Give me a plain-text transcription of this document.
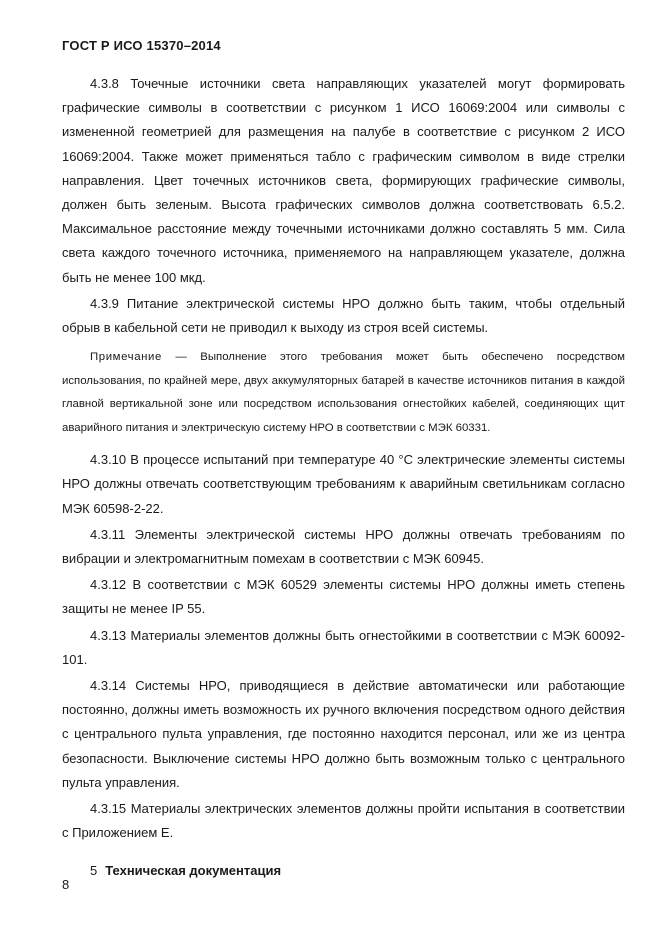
ГОСТ Р ИСО 15370–2014

4.3.8 Точечные источники света направляющих указателей могут формировать графические символы в соответствии с рисунком 1 ИСО 16069:2004 или символы с измененной геометрией для размещения на палубе в соответствие с рисунком 2 ИСО 16069:2004. Также может применяться табло с графическим символом в виде стрелки направления. Цвет точечных источников света, формирующих графические символы, должен быть зеленым. Высота графических символов должна соответствовать 6.5.2. Максимальное расстояние между точечными источниками должно составлять 5 мм. Сила света каждого точечного источника, применяемого на направляющем указателе, должна быть не менее 100 мкд.

4.3.9 Питание электрической системы НРО должно быть таким, чтобы отдельный обрыв в кабельной сети не приводил к выходу из строя всей системы.

Примечание — Выполнение этого требования может быть обеспечено посредством использования, по крайней мере, двух аккумуляторных батарей в качестве источников питания в каждой главной вертикальной зоне или посредством использования огнестойких кабелей, соединяющих щит аварийного питания и электрическую систему НРО в соответствии с МЭК 60331.

4.3.10 В процессе испытаний при температуре 40 °С электрические элементы системы НРО должны отвечать соответствующим требованиям к аварийным светильникам согласно МЭК 60598-2-22.

4.3.11 Элементы электрической системы НРО должны отвечать требованиям по вибрации и электромагнитным помехам в соответствии с МЭК 60945.

4.3.12 В соответствии с МЭК 60529 элементы системы НРО должны иметь степень защиты не менее IP 55.

4.3.13 Материалы элементов должны быть огнестойкими в соответствии с МЭК 60092-101.

4.3.14 Системы НРО, приводящиеся в действие автоматически или работающие постоянно, должны иметь возможность их ручного включения посредством одного действия с центрального пульта управления, где постоянно находится персонал, или же из центра безопасности. Выключение системы НРО должно быть возможным только с центрального пульта управления.

4.3.15 Материалы электрических элементов должны пройти испытания в соответствии с Приложением Е.

5 Техническая документация
8
